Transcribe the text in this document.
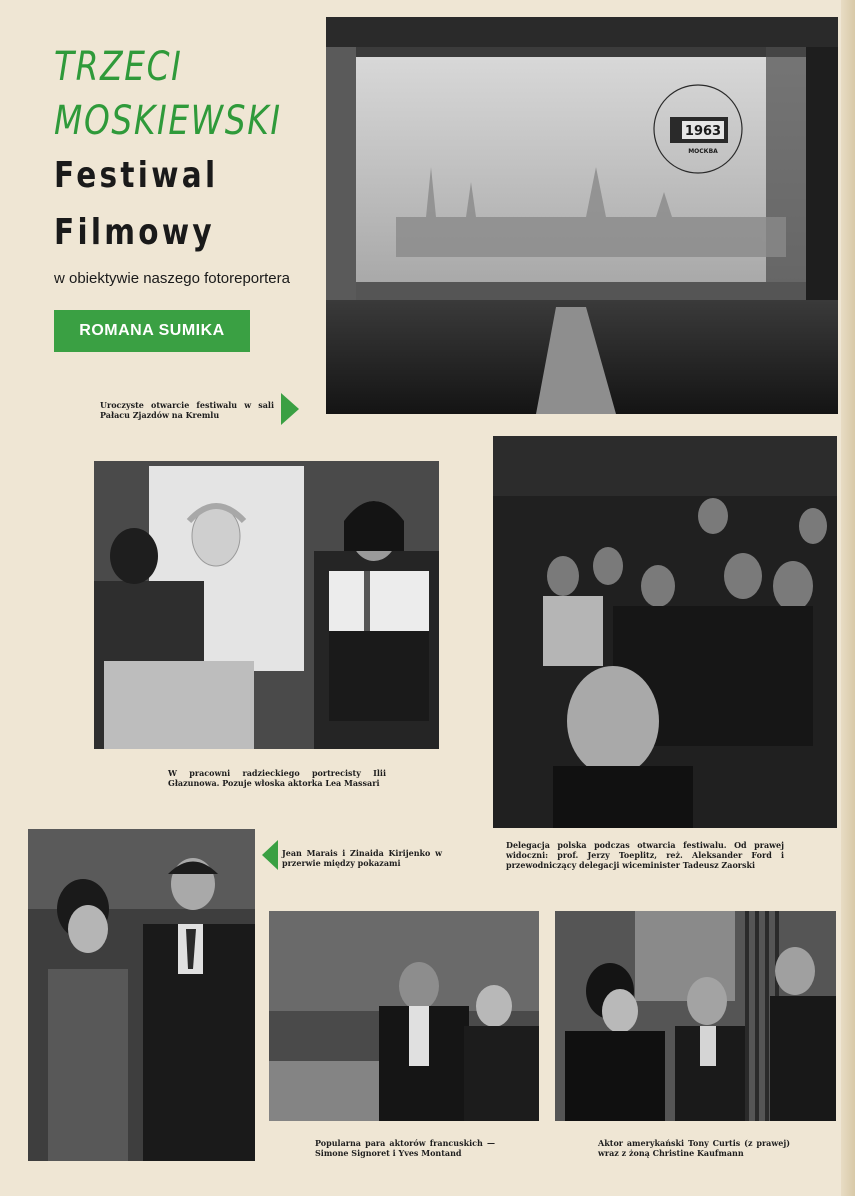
TRZECI
MOSKIEWSKI
Festiwal
Filmowy
w obiektywie naszego fotoreportera
ROMANA SUMIKA
1963
МОСКВА
Uroczyste otwarcie festiwalu w sali Pałacu Zjazdów na Kremlu
W pracowni radzieckiego portrecisty Ilii Głazunowa. Pozuje włoska aktorka Lea Massari
Delegacja polska podczas otwarcia festiwalu. Od prawej widoczni: prof. Jerzy Toeplitz, reż. Aleksander Ford i przewodniczący delegacji wiceminister Tadeusz Zaorski
Jean Marais i Zinaida Kirijenko w przerwie między pokazami
Popularna para aktorów francuskich — Simone Signoret i Yves Montand
Aktor amerykański Tony Curtis (z prawej) wraz z żoną Christine Kaufmann
